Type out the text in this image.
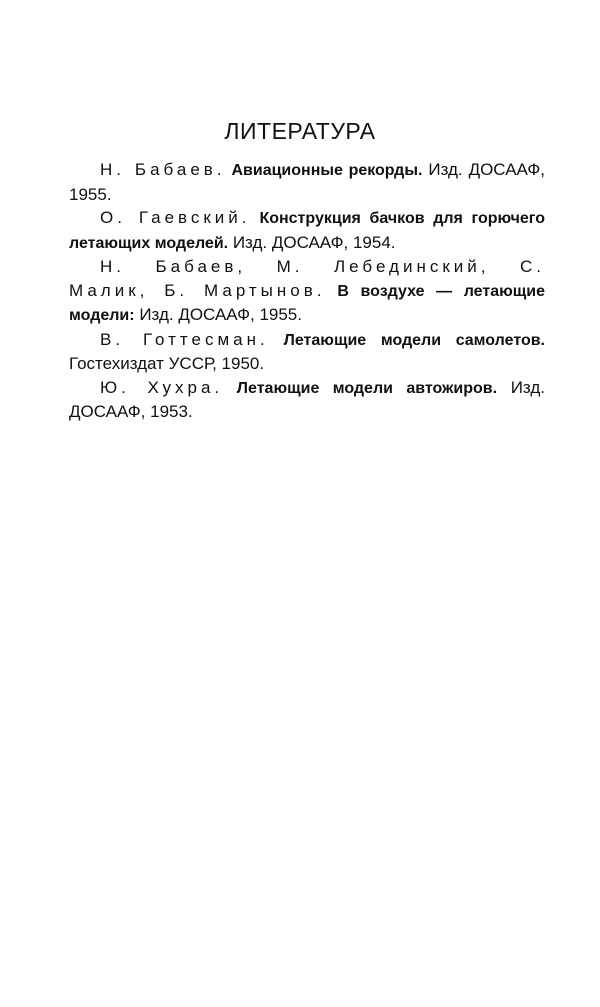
ЛИТЕРАТУРА

Н. Бабаев. Авиационные рекорды. Изд. ДОСААФ, 1955.

О. Гаевский. Конструкция бачков для горючего летающих моделей. Изд. ДОСААФ, 1954.

Н. Бабаев, М. Лебединский, С. Малик, Б. Мартынов. В воздухе — летающие модели: Изд. ДОСААФ, 1955.

В. Готтесман. Летающие модели самолетов. Гостехиздат УССР, 1950.

Ю. Хухра. Летающие модели автожиров. Изд. ДОСААФ, 1953.
